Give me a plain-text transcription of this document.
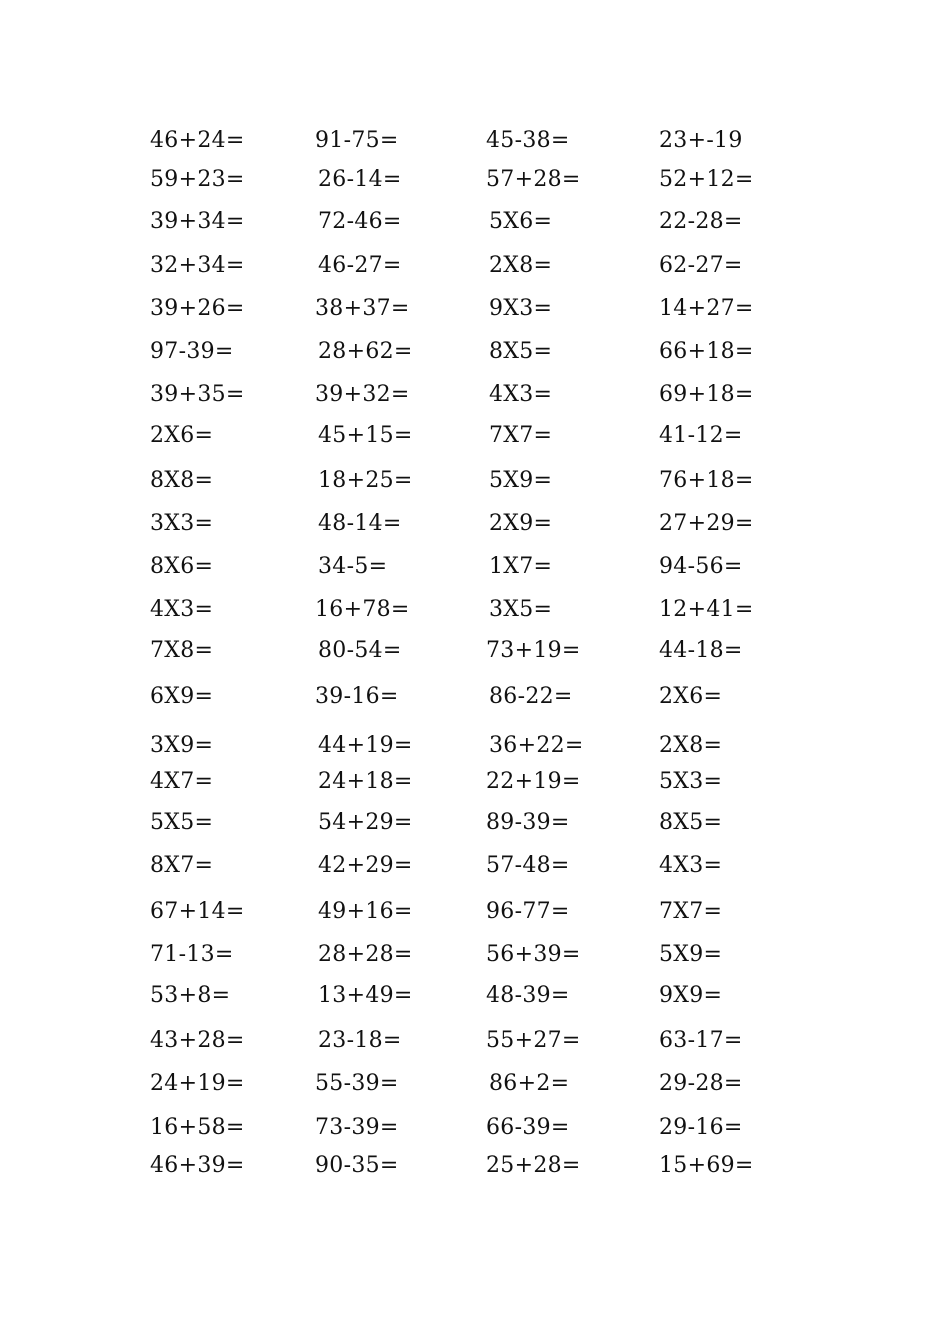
46+24=	91-75=	45-38=	23+-19
59+23=	26-14=	57+28=	52+12=
39+34=	72-46=	5X6=	22-28=
32+34=	46-27=	2X8=	62-27=
39+26=	38+37=	9X3=	14+27=
97-39=	28+62=	8X5=	66+18=
39+35=	39+32=	4X3=	69+18=
2X6=	45+15=	7X7=	41-12=
8X8=	18+25=	5X9=	76+18=
3X3=	48-14=	2X9=	27+29=
8X6=	34-5=	1X7=	94-56=
4X3=	16+78=	3X5=	12+41=
7X8=	80-54=	73+19=	44-18=
6X9=	39-16=	86-22=	2X6=
3X9=	44+19=	36+22=	2X8=
4X7=	24+18=	22+19=	5X3=
5X5=	54+29=	89-39=	8X5=
8X7=	42+29=	57-48=	4X3=
67+14=	49+16=	96-77=	7X7=
71-13=	28+28=	56+39=	5X9=
53+8=	13+49=	48-39=	9X9=
43+28=	23-18=	55+27=	63-17=
24+19=	55-39=	86+2=	29-28=
16+58=	73-39=	66-39=	29-16=
46+39=	90-35=	25+28=	15+69=
